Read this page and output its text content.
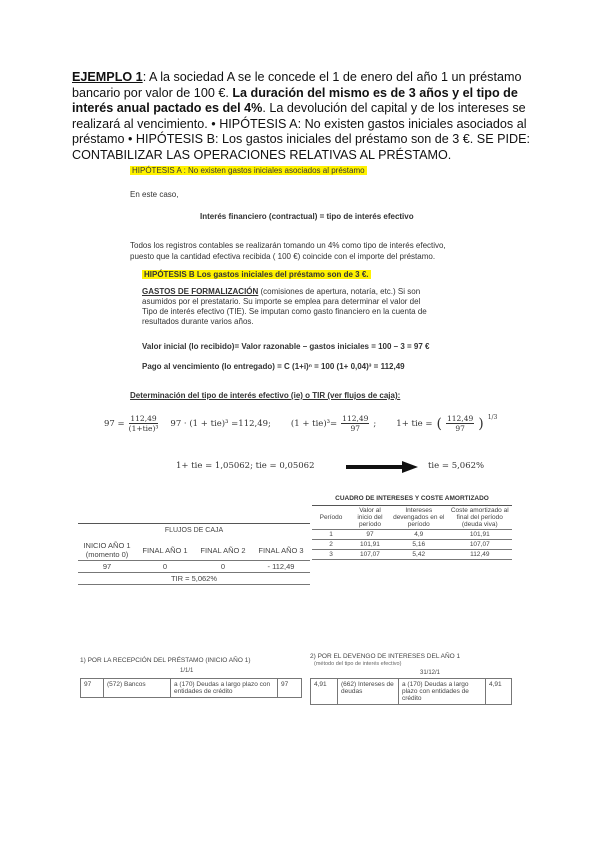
EJEMPLO 1: A la sociedad A se le concede el 1 de enero del año 1 un préstamo bancario por valor de 100 €. La duración del mismo es de 3 años y el tipo de interés anual pactado es del 4%. La devolución del capital y de los intereses se realizará al vencimiento. • HIPÓTESIS A: No existen gastos iniciales asociados al préstamo • HIPÓTESIS B: Los gastos iniciales del préstamo son de 3 €. SE PIDE: CONTABILIZAR LAS OPERACIONES RELATIVAS AL PRÉSTAMO.
HIPÓTESIS A : No existen gastos iniciales asociados al préstamo
En este caso,
Interés financiero (contractual) = tipo de interés efectivo
Todos los registros contables se realizarán tomando un 4% como tipo de interés efectivo,
puesto que la cantidad efectiva recibida ( 100 €) coincide con el importe del préstamo.
HIPÓTESIS B Los gastos iniciales del préstamo son de 3 €.
GASTOS DE FORMALIZACIÓN (comisiones de apertura, notaría, etc.) Si son
asumidos por el prestatario. Su importe se emplea para determinar el valor del
Tipo de interés efectivo (TIE). Se imputan como gasto financiero en la cuenta de
resultados durante varios años.
Valor inicial (lo recibido)= Valor razonable – gastos iniciales = 100 – 3 = 97 €
Pago al vencimiento (lo entregado) = C (1+i)ⁿ = 100 (1+ 0,04)³ = 112,49
Determinación del tipo de interés efectivo (ie) o TIR (ver flujos de caja):
$97 = \frac{112,49}{\text{(1+tie)³}} 97 \cdot (1 + tie)^3 =112,49$; $(1 + tie)^3= \frac{112,49}{97}$ ; 1+ tie = ( $\frac{112,49}{97}$ ) $^{1/3}$
1+ tie = 1,05062; tie = 0,05062	tie = 5,062%
FLUJOS DE CAJA
INICIO AÑO 1 (momento 0)	FINAL AÑO 1	FINAL AÑO 2	FINAL AÑO 3
97	0	0	- 112,49
TIR = 5,062%			
CUADRO DE INTERESES Y COSTE AMORTIZADO
Período	Valor al inicio del período	Intereses devengados en el período	Coste amortizado al final del período (deuda viva)
1	97	4,9	101,91
2	101,91	5,16	107,07
3	107,07	5,42	112,49
1) POR LA RECEPCIÓN DEL PRÉSTAMO (INICIO AÑO 1)
1/1/1
97	(572) Bancos	a (170) Deudas a largo plazo con entidades de crédito	97
2) POR EL DEVENGO DE INTERESES DEL AÑO 1
(método del tipo de interés efectivo)
31/12/1
4,91	(662) Intereses de deudas	a (170) Deudas a largo plazo con entidades de crédito	4,91
